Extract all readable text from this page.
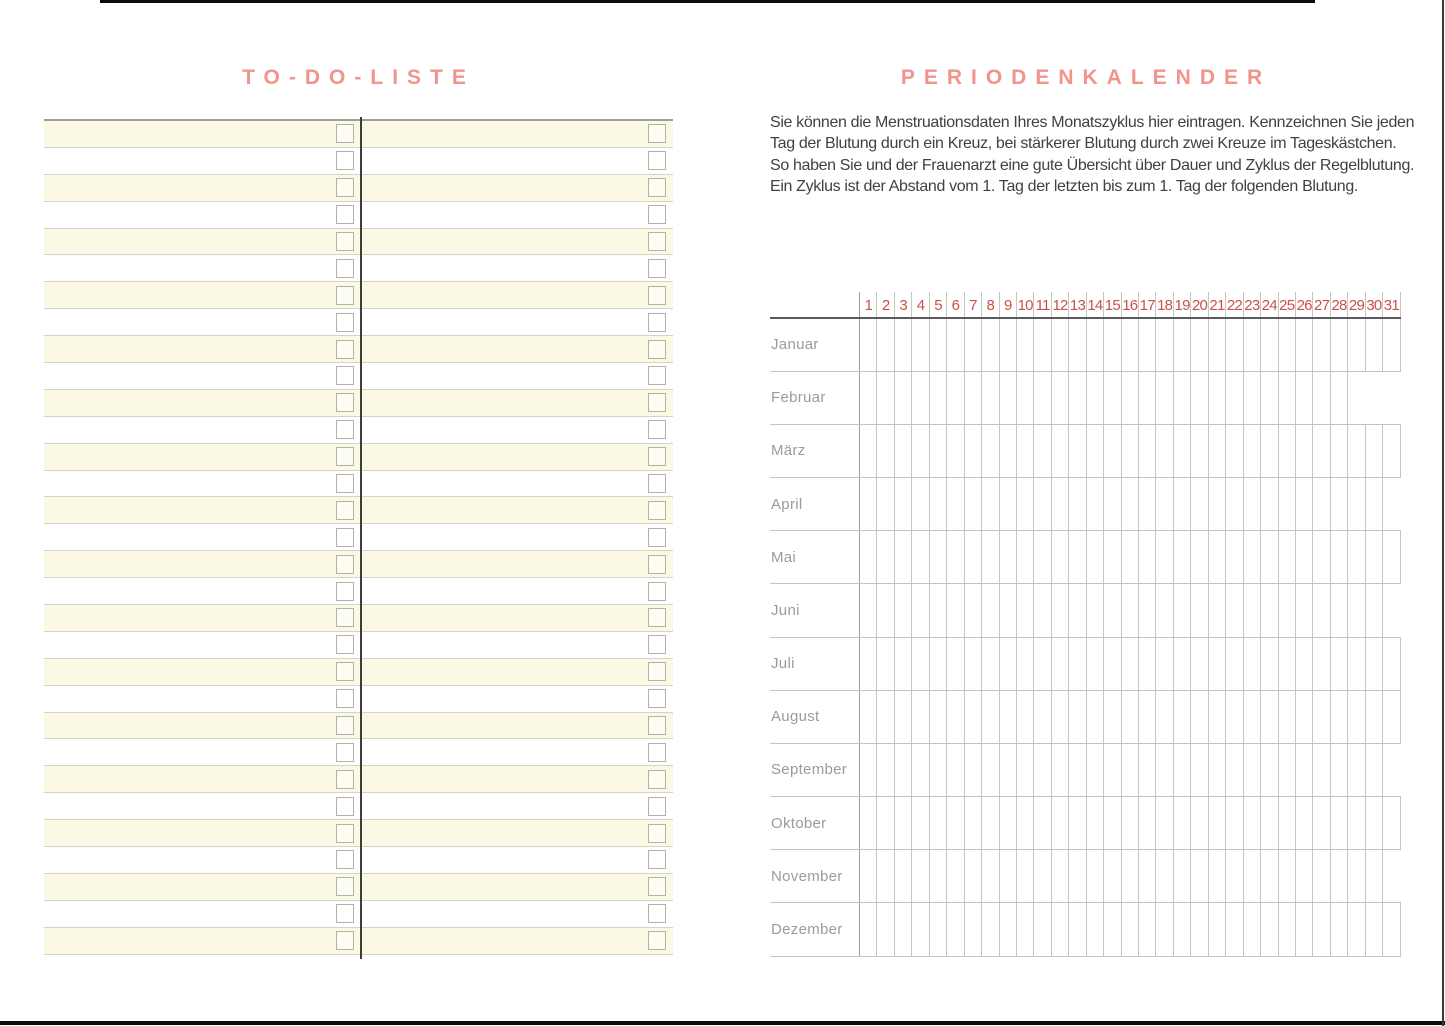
TO-DO-LISTE	PERIODENKALENDER
Sie können die Menstruationsdaten Ihres Monatszyklus hier eintragen. Kennzeichnen Sie jeden
Tag der Blutung durch ein Kreuz, bei stärkerer Blutung durch zwei Kreuze im Tageskästchen.
So haben Sie und der Frauenarzt eine gute Übersicht über Dauer und Zyklus der Regelblutung.
Ein Zyklus ist der Abstand vom 1. Tag der letzten bis zum 1. Tag der folgenden Blutung.
1 2 3 4 5 6 7 8 9 10 11 12 13 14 15 16 17 18 19 20 21 22 23 24 25 26 27 28 29 30 31
Januar
Februar
März
April
Mai
Juni
Juli
August
September
Oktober
November
Dezember
